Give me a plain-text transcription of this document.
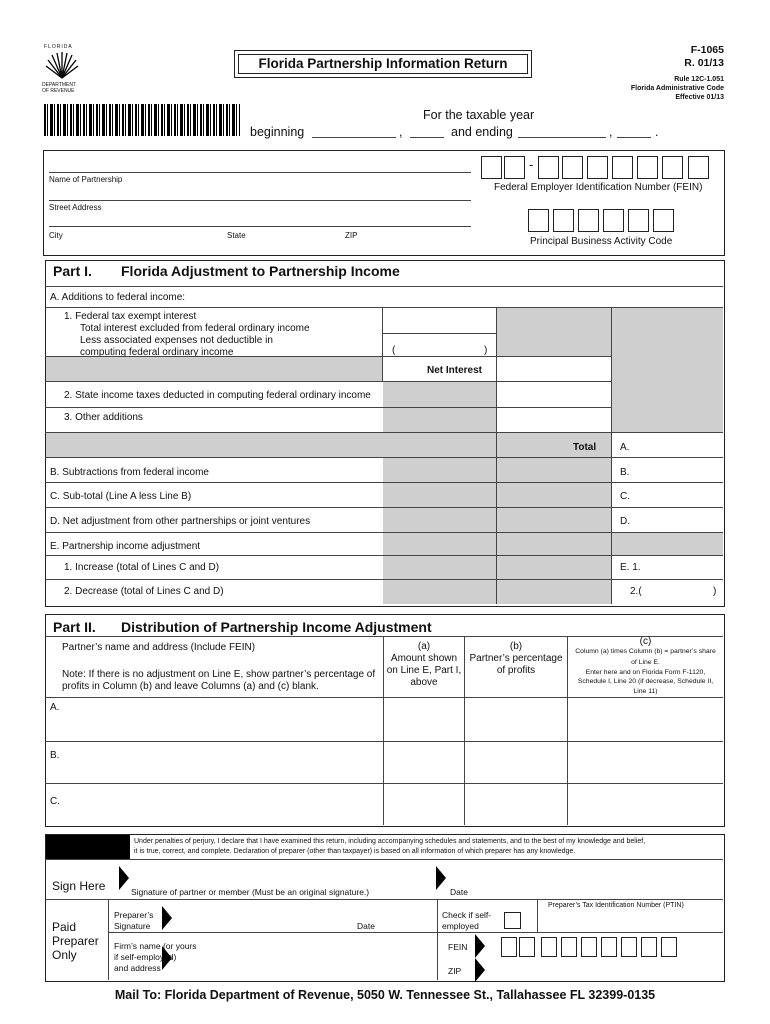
FLORIDA
DEPARTMENT
OF REVENUE
Florida Partnership Information Return
F-1065
R. 01/13
Rule 12C-1.051
Florida Administrative Code
Effective 01/13
For the taxable year
beginning	,	and ending	,	.
Name of Partnership
Street Address
City	State	ZIP
-
Federal Employer Identification Number (FEIN)
Principal Business Activity Code
Part I. Florida Adjustment to Partnership Income
A. Additions to federal income:
1. Federal tax exempt interest
Total interest excluded from federal ordinary income
Less associated expenses not deductible in
computing federal ordinary income	(	)
Net Interest
2. State income taxes deducted in computing federal ordinary income
3. Other additions
Total A.
B. Subtractions from federal income	B.
C. Sub-total (Line A less Line B)	C.
D. Net adjustment from other partnerships or joint ventures	D.
E. Partnership income adjustment
1. Increase (total of Lines C and D)	E. 1.
2. Decrease (total of Lines C and D)	2.(	)
Part II. Distribution of Partnership Income Adjustment
Partner’s name and address (Include FEIN)
Note: If there is no adjustment on Line E, show partner’s percentage of
profits in Column (b) and leave Columns (a) and (c) blank.
(a)
Amount shown
on Line E, Part I,
above
(b)
Partner’s percentage
of profits
(c)
Column (a) times Column (b) = partner’s share
of Line E.
Enter here and on Florida Form F-1120,
Schedule I, Line 20 (if decrease, Schedule II,
Line 11)
A.
B.
C.
Under penalties of perjury, I declare that I have examined this return, including accompanying schedules and statements, and to the best of my knowledge and belief,
it is true, correct, and complete. Declaration of preparer (other than taxpayer) is based on all information of which preparer has any knowledge.
Sign Here	Signature of partner or member (Must be an original signature.)	Date
Paid
Preparer
Only
Preparer’s
Signature	Date
Check if self-
employed
Preparer’s Tax Identification Number (PTIN)
Firm’s name (or yours
if self-employed)
and address
FEIN
ZIP
Mail To: Florida Department of Revenue, 5050 W. Tennessee St., Tallahassee FL 32399-0135
